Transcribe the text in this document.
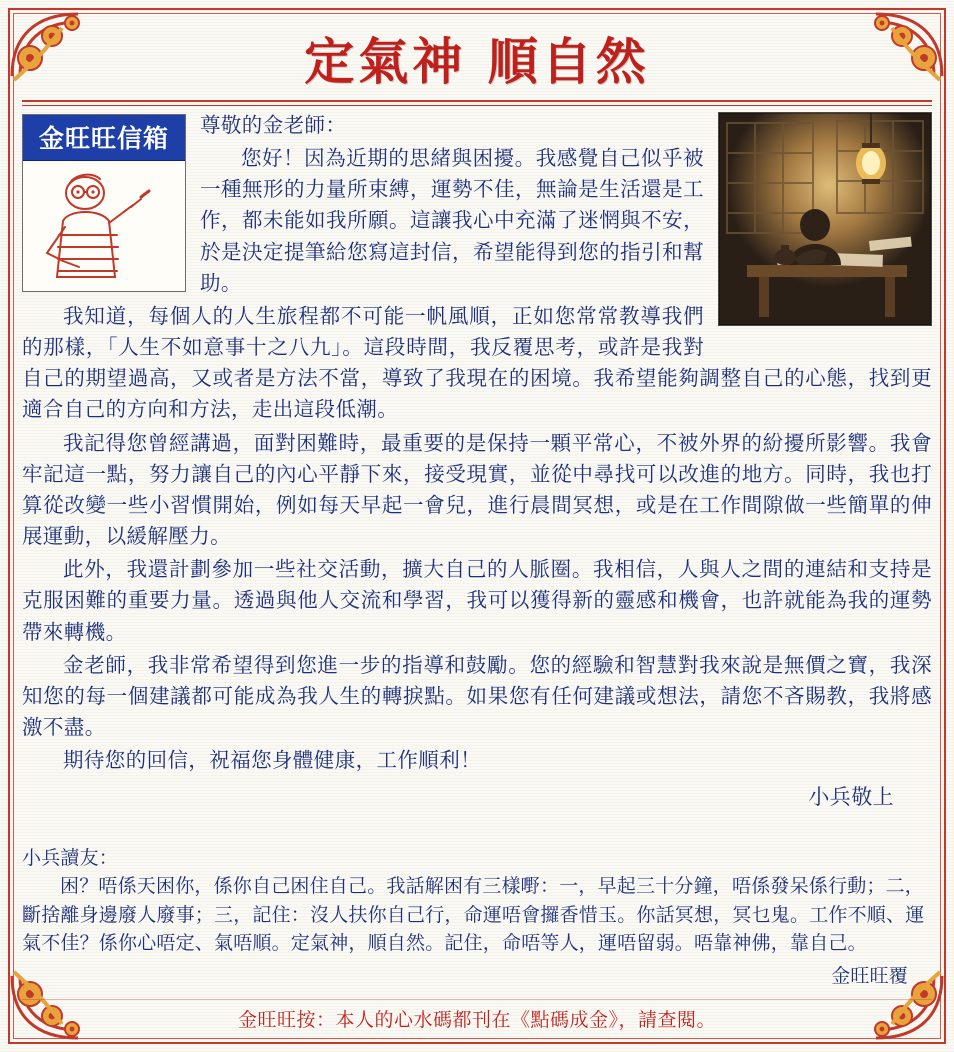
定氣神 順自然
金旺旺信箱	尊敬的金老師：

您好！因為近期的思緒與困擾。我感覺自己似乎被一種無形的力量所束縛，運勢不佳，無論是生活還是工作，都未能如我所願。這讓我心中充滿了迷惘與不安，於是決定提筆給您寫這封信，希望能得到您的指引和幫助。

我知道，每個人的人生旅程都不可能一帆風順，正如您常常教導我們的那樣，「人生不如意事十之八九」。這段時間，我反覆思考，或許是我對自己的期望過高，又或者是方法不當，導致了我現在的困境。我希望能夠調整自己的心態，找到更適合自己的方向和方法，走出這段低潮。

我記得您曾經講過，面對困難時，最重要的是保持一顆平常心，不被外界的紛擾所影響。我會牢記這一點，努力讓自己的內心平靜下來，接受現實，並從中尋找可以改進的地方。同時，我也打算從改變一些小習慣開始，例如每天早起一會兒，進行晨間冥想，或是在工作間隙做一些簡單的伸展運動，以緩解壓力。

此外，我還計劃參加一些社交活動，擴大自己的人脈圈。我相信，人與人之間的連結和支持是克服困難的重要力量。透過與他人交流和學習，我可以獲得新的靈感和機會，也許就能為我的運勢帶來轉機。

金老師，我非常希望得到您進一步的指導和鼓勵。您的經驗和智慧對我來說是無價之寶，我深知您的每一個建議都可能成為我人生的轉捩點。如果您有任何建議或想法，請您不吝賜教，我將感激不盡。

期待您的回信，祝福您身體健康，工作順利！

小兵敬上

小兵讀友：

困？唔係天困你，係你自己困住自己。我話解困有三樣嘢：一，早起三十分鐘，唔係發呆係行動；二，斷捨離身邊廢人廢事；三，記住：沒人扶你自己行，命運唔會攞香惜玉。你話冥想，冥乜鬼。工作不順、運氣不佳？係你心唔定、氣唔順。定氣神，順自然。記住，命唔等人，運唔留弱。唔靠神佛，靠自己。

金旺旺覆
金旺旺按：本人的心水碼都刊在《點碼成金》，請查閱。
